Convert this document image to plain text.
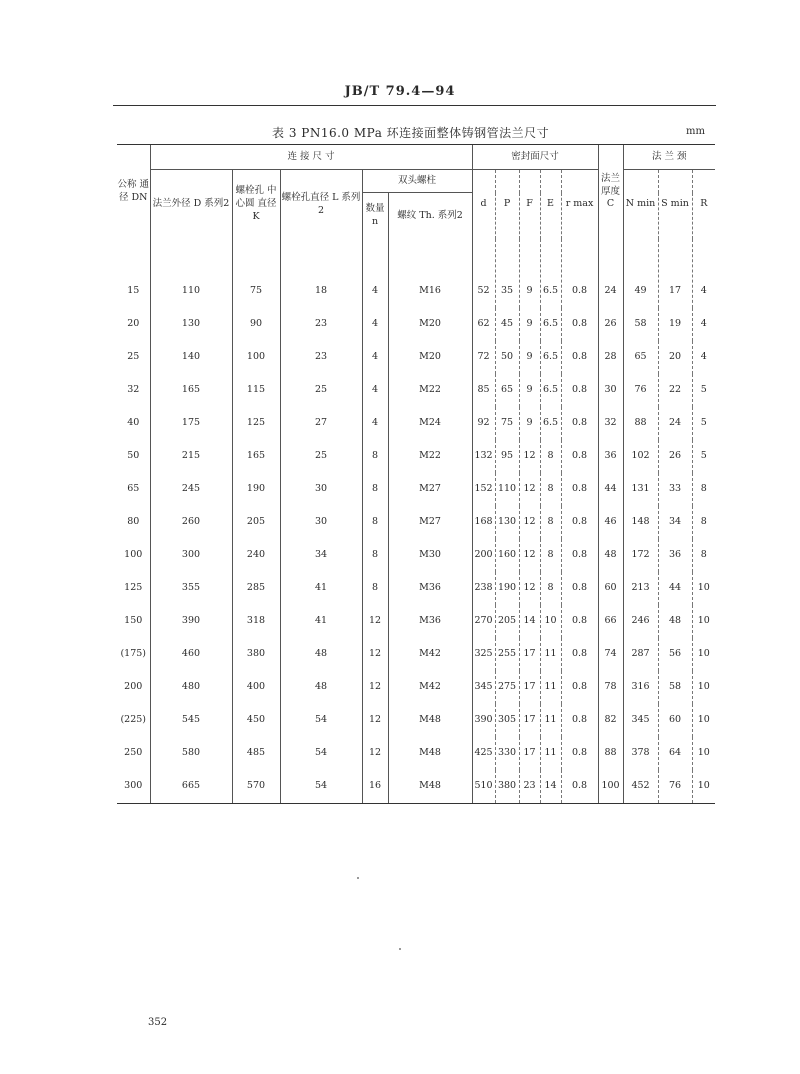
JB/T 79.4—94
表 3 PN16.0 MPa 环连接面整体铸钢管法兰尺寸	mm
公称 通径 DN	连 接 尺 寸					密封面尺寸					法兰 厚度 C	法 兰 颈		
	法兰外径 D 系列2	螺栓孔 中心圆 直径 K	螺栓孔直径 L 系列2	双头螺柱		d	P	F	E	r max		N min	S min	R
				数量 n	螺纹 Th. 系列2									
15	110	75	18	4	M16	52	35	9	6.5	0.8	24	49	17	4
20	130	90	23	4	M20	62	45	9	6.5	0.8	26	58	19	4
25	140	100	23	4	M20	72	50	9	6.5	0.8	28	65	20	4
32	165	115	25	4	M22	85	65	9	6.5	0.8	30	76	22	5
40	175	125	27	4	M24	92	75	9	6.5	0.8	32	88	24	5
50	215	165	25	8	M22	132	95	12	8	0.8	36	102	26	5
65	245	190	30	8	M27	152	110	12	8	0.8	44	131	33	8
80	260	205	30	8	M27	168	130	12	8	0.8	46	148	34	8
100	300	240	34	8	M30	200	160	12	8	0.8	48	172	36	8
125	355	285	41	8	M36	238	190	12	8	0.8	60	213	44	10
150	390	318	41	12	M36	270	205	14	10	0.8	66	246	48	10
(175)	460	380	48	12	M42	325	255	17	11	0.8	74	287	56	10
200	480	400	48	12	M42	345	275	17	11	0.8	78	316	58	10
(225)	545	450	54	12	M48	390	305	17	11	0.8	82	345	60	10
250	580	485	54	12	M48	425	330	17	11	0.8	88	378	64	10
300	665	570	54	16	M48	510	380	23	14	0.8	100	452	76	10
352
